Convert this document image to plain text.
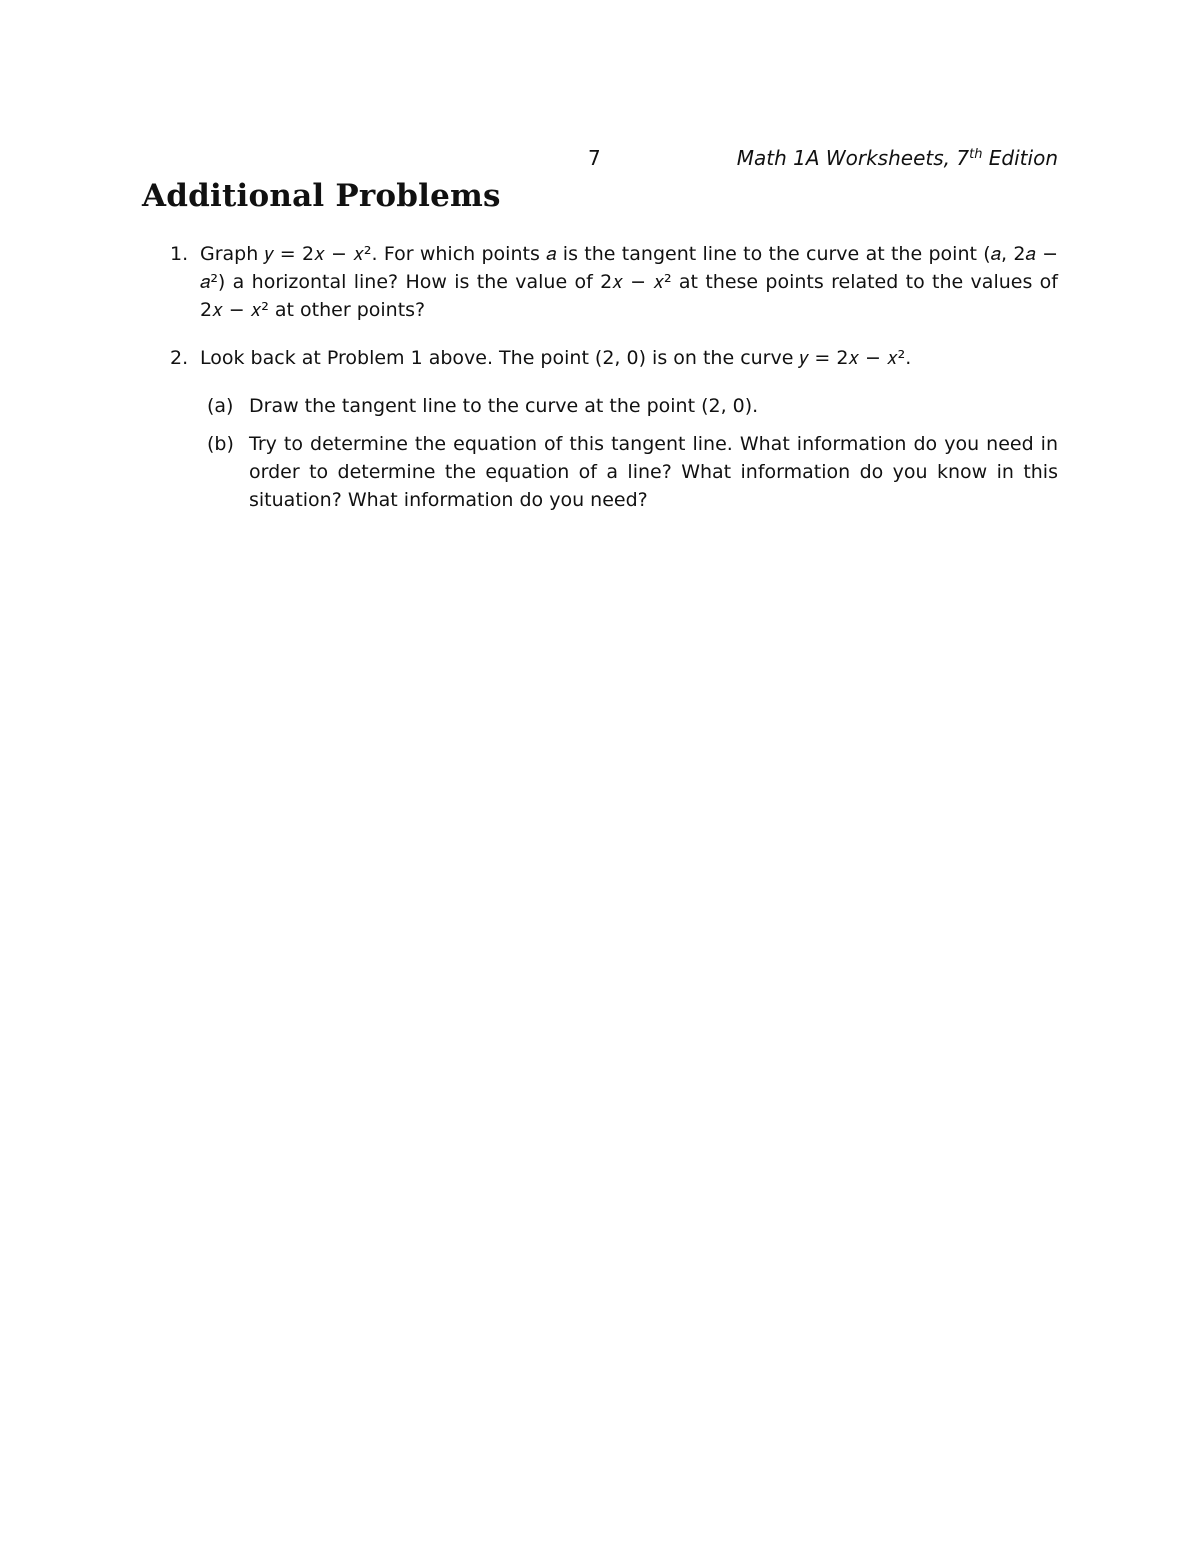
7	Math 1A Worksheets, 7th Edition
Additional Problems
1. Graph 𝑦 = 2𝑥 − 𝑥². For which points 𝑎 is the tangent line to the curve at the point (𝑎, 2𝑎 − 𝑎²) a horizontal line? How is the value of 2𝑥 − 𝑥² at these points related to the values of 2𝑥 − 𝑥² at other points?
2. Look back at Problem 1 above. The point (2, 0) is on the curve 𝑦 = 2𝑥 − 𝑥².
(a) Draw the tangent line to the curve at the point (2, 0).
(b) Try to determine the equation of this tangent line. What information do you need in order to determine the equation of a line? What information do you know in this situation? What information do you need?
